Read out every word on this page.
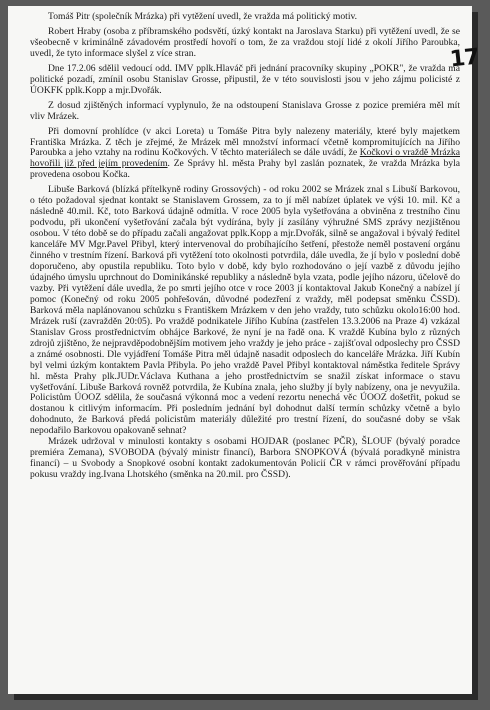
17

Tomáš Pitr (společník Mrázka) při vytěžení uvedl, že vražda má politický motiv.

Robert Hraby (osoba z příbramského podsvětí, úzký kontakt na Jaroslava Starku) při vytěžení uvedl, že se všeobecně v kriminálně závadovém prostředí hovoří o tom, že za vraždou stojí lidé z okolí Jiřího Paroubka, uvedl, že tyto informace slyšel z více stran.

Dne 17.2.06 sdělil vedoucí odd. IMV pplk.Hlaváč při jednání pracovníky skupiny „POKR", že vražda má politické pozadí, zmínil osobu Stanislav Grosse, připustil, že v této souvislosti jsou v jeho zájmu policisté z ÚOKFK pplk.Kopp a mjr.Dvořák.

Z dosud zjištěných informací vyplynulo, že na odstoupení Stanislava Grosse z pozice premiéra měl mít vliv Mrázek.

Při domovní prohlídce (v akci Loreta) u Tomáše Pitra byly nalezeny materiály, které byly majetkem Františka Mrázka. Z těch je zřejmé, že Mrázek měl množství informací včetně kompromitujících na Jiřího Paroubka a jeho vztahy na rodinu Kočkových. V těchto materiálech se dále uvádí, že Kočkovi o vraždě Mrázka hovořili již před jejím provedením. Ze Správy hl. města Prahy byl zaslán poznatek, že vražda Mrázka byla provedena osobou Kočka.

Libuše Barková (blízká přítelkyně rodiny Grossových) - od roku 2002 se Mrázek znal s Libuší Barkovou, o této požadoval sjednat kontakt se Stanislavem Grossem, za to jí měl nabízet úplatek ve výši 10. mil. Kč a následně 40.mil. Kč, toto Barková údajně odmítla. V roce 2005 byla vyšetřována a obviněna z trestního činu podvodu, při ukončení vyšetřování začala být vydírána, byly jí zasílány výhružné SMS zprávy nezjištěnou osobou. V této době se do případu začali angažovat pplk.Kopp a mjr.Dvořák, silně se angažoval i bývalý ředitel kanceláře MV Mgr.Pavel Přibyl, který intervenoval do probíhajícího šetření, přestože neměl postavení orgánu činného v trestním řízení. Barková při vytěžení toto okolnosti potvrdila, dále uvedla, že jí bylo v poslední době doporučeno, aby opustila republiku. Toto bylo v době, kdy bylo rozhodováno o její vazbě z důvodu jejího údajného úmyslu uprchnout do Dominikánské republiky a následně byla vzata, podle jejího názoru, účelově do vazby. Při vytěžení dále uvedla, že po smrti jejího otce v roce 2003 jí kontaktoval Jakub Konečný a nabízel jí pomoc (Konečný od roku 2005 pohřešován, důvodné podezření z vraždy, měl podepsat směnku ČSSD). Barková měla naplánovanou schůzku s Františkem Mrázkem v den jeho vraždy, tuto schůzku okolo16:00 hod. Mrázek ruší (zavražděn 20:05). Po vraždě podnikatele Jiřího Kubína (zastřelen 13.3.2006 na Praze 4) vzkázal Stanislav Gross prostřednictvím obhájce Barkové, že nyní je na řadě ona. K vraždě Kubína bylo z různých zdrojů zjištěno, že nejpravděpodobnějším motivem jeho vraždy je jeho práce - zajišťoval odposlechy pro ČSSD a známé osobnosti. Dle vyjádření Tomáše Pitra měl údajně nasadit odposlech do kanceláře Mrázka. Jiří Kubín byl velmi úzkým kontaktem Pavla Přibyla. Po jeho vraždě Pavel Přibyl kontaktoval náměstka ředitele Správy hl. města Prahy plk.JUDr.Václava Kuthana a jeho prostřednictvím se snažil získat informace o stavu vyšetřování. Libuše Barková rovněž potvrdila, že Kubína znala, jeho služby jí byly nabízeny, ona je nevyužila. Policistům ÚOOZ sdělila, že současná výkonná moc a vedení rezortu nenechá věc ÚOOZ došetřit, pokud se dostanou k citlivým informacím. Při posledním jednání byl dohodnut další termín schůzky včetně a bylo dohodnuto, že Barková předá policistům materiály důležité pro trestní řízení, do současné doby se však nepodařilo Barkovou opakovaně sehnat?

Mrázek udržoval v minulosti kontakty s osobami HOJDAR (poslanec PČR), ŠLOUF (bývalý poradce premiéra Zemana), SVOBODA (bývalý ministr financí), Barbora SNOPKOVÁ (bývalá poradkyně ministra financí) – u Svobody a Snopkové osobní kontakt zadokumentován Policií ČR v rámci prověřování případu pokusu vraždy ing.Ivana Lhotského (směnka na 20.mil. pro ČSSD).
